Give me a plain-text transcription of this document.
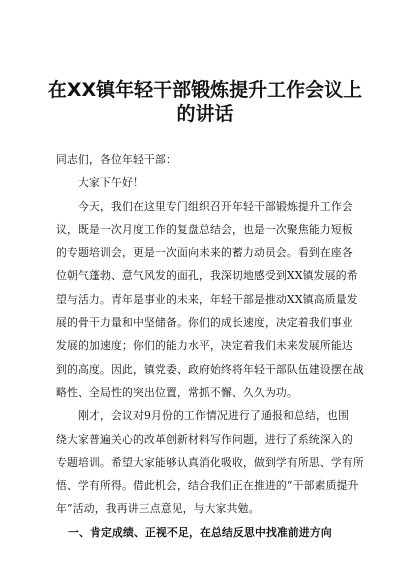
在XX镇年轻干部锻炼提升工作会议上
的讲话

同志们，各位年轻干部：

大家下午好！

今天，我们在这里专门组织召开年轻干部锻炼提升工作会

议，既是一次月度工作的复盘总结会，也是一次聚焦能力短板

的专题培训会，更是一次面向未来的蓄力动员会。看到在座各

位朝气蓬勃、意气风发的面孔，我深切地感受到XX镇发展的希

望与活力。青年是事业的未来，年轻干部是推动XX镇高质量发

展的骨干力量和中坚储备。你们的成长速度，决定着我们事业

发展的加速度；你们的能力水平，决定着我们未来发展所能达

到的高度。因此，镇党委、政府始终将年轻干部队伍建设摆在战

略性、全局性的突出位置，常抓不懈、久久为功。

刚才，会议对9月份的工作情况进行了通报和总结，也围

绕大家普遍关心的改革创新材料写作问题，进行了系统深入的

专题培训。希望大家能够认真消化吸收，做到学有所思、学有所

悟、学有所得。借此机会，结合我们正在推进的“干部素质提升

年”活动，我再讲三点意见，与大家共勉。

一、肯定成绩、正视不足，在总结反思中找准前进方向
